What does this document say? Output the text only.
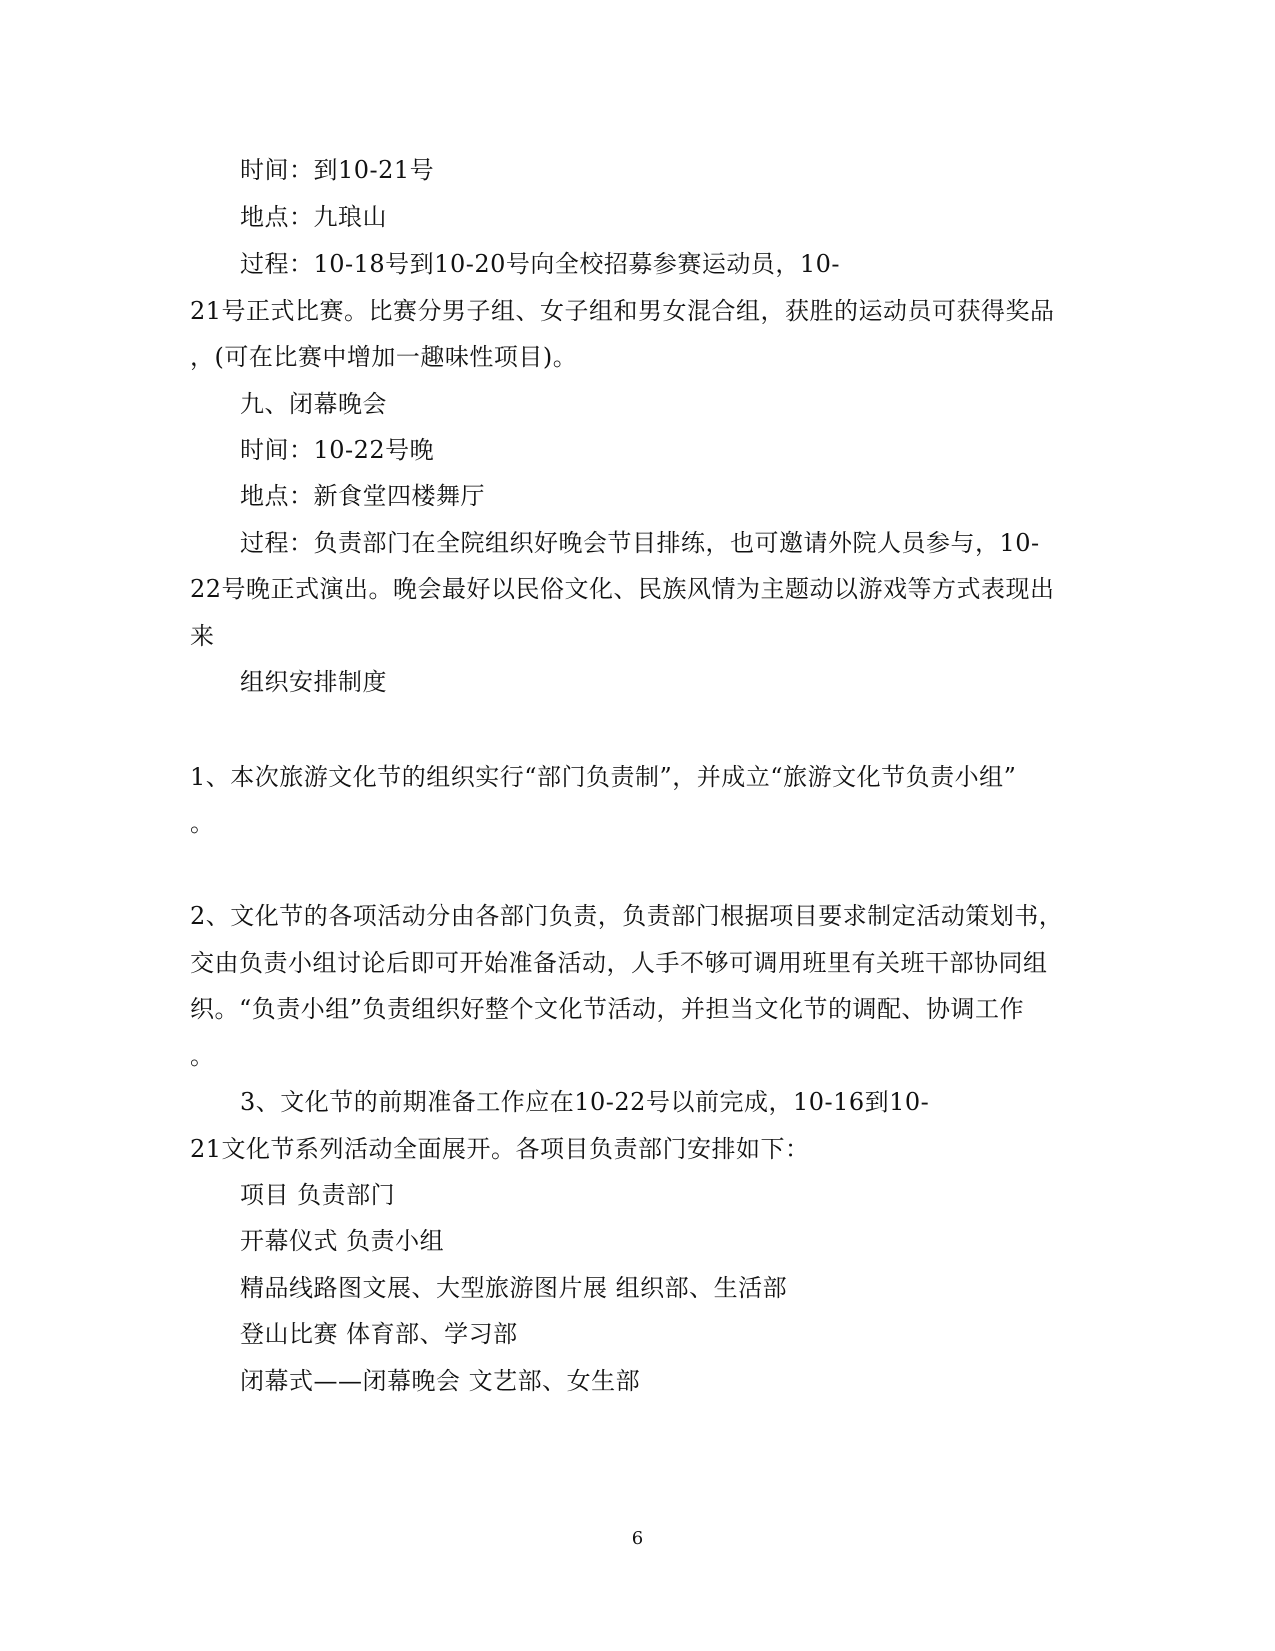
时间：到10-21号
地点：九琅山
过程：10-18号到10-20号向全校招募参赛运动员，10-
21号正式比赛。比赛分男子组、女子组和男女混合组，获胜的运动员可获得奖品
，(可在比赛中增加一趣味性项目)。
九、闭幕晚会
时间：10-22号晚
地点：新食堂四楼舞厅
过程：负责部门在全院组织好晚会节目排练，也可邀请外院人员参与，10-
22号晚正式演出。晚会最好以民俗文化、民族风情为主题动以游戏等方式表现出
来
组织安排制度
1、本次旅游文化节的组织实行“部门负责制”，并成立“旅游文化节负责小组”
。
2、文化节的各项活动分由各部门负责，负责部门根据项目要求制定活动策划书，
交由负责小组讨论后即可开始准备活动，人手不够可调用班里有关班干部协同组
织。“负责小组”负责组织好整个文化节活动，并担当文化节的调配、协调工作
。
3、文化节的前期准备工作应在10-22号以前完成，10-16到10-
21文化节系列活动全面展开。各项目负责部门安排如下：
项目 负责部门
开幕仪式 负责小组
精品线路图文展、大型旅游图片展 组织部、生活部
登山比赛 体育部、学习部
闭幕式——闭幕晚会 文艺部、女生部
6
